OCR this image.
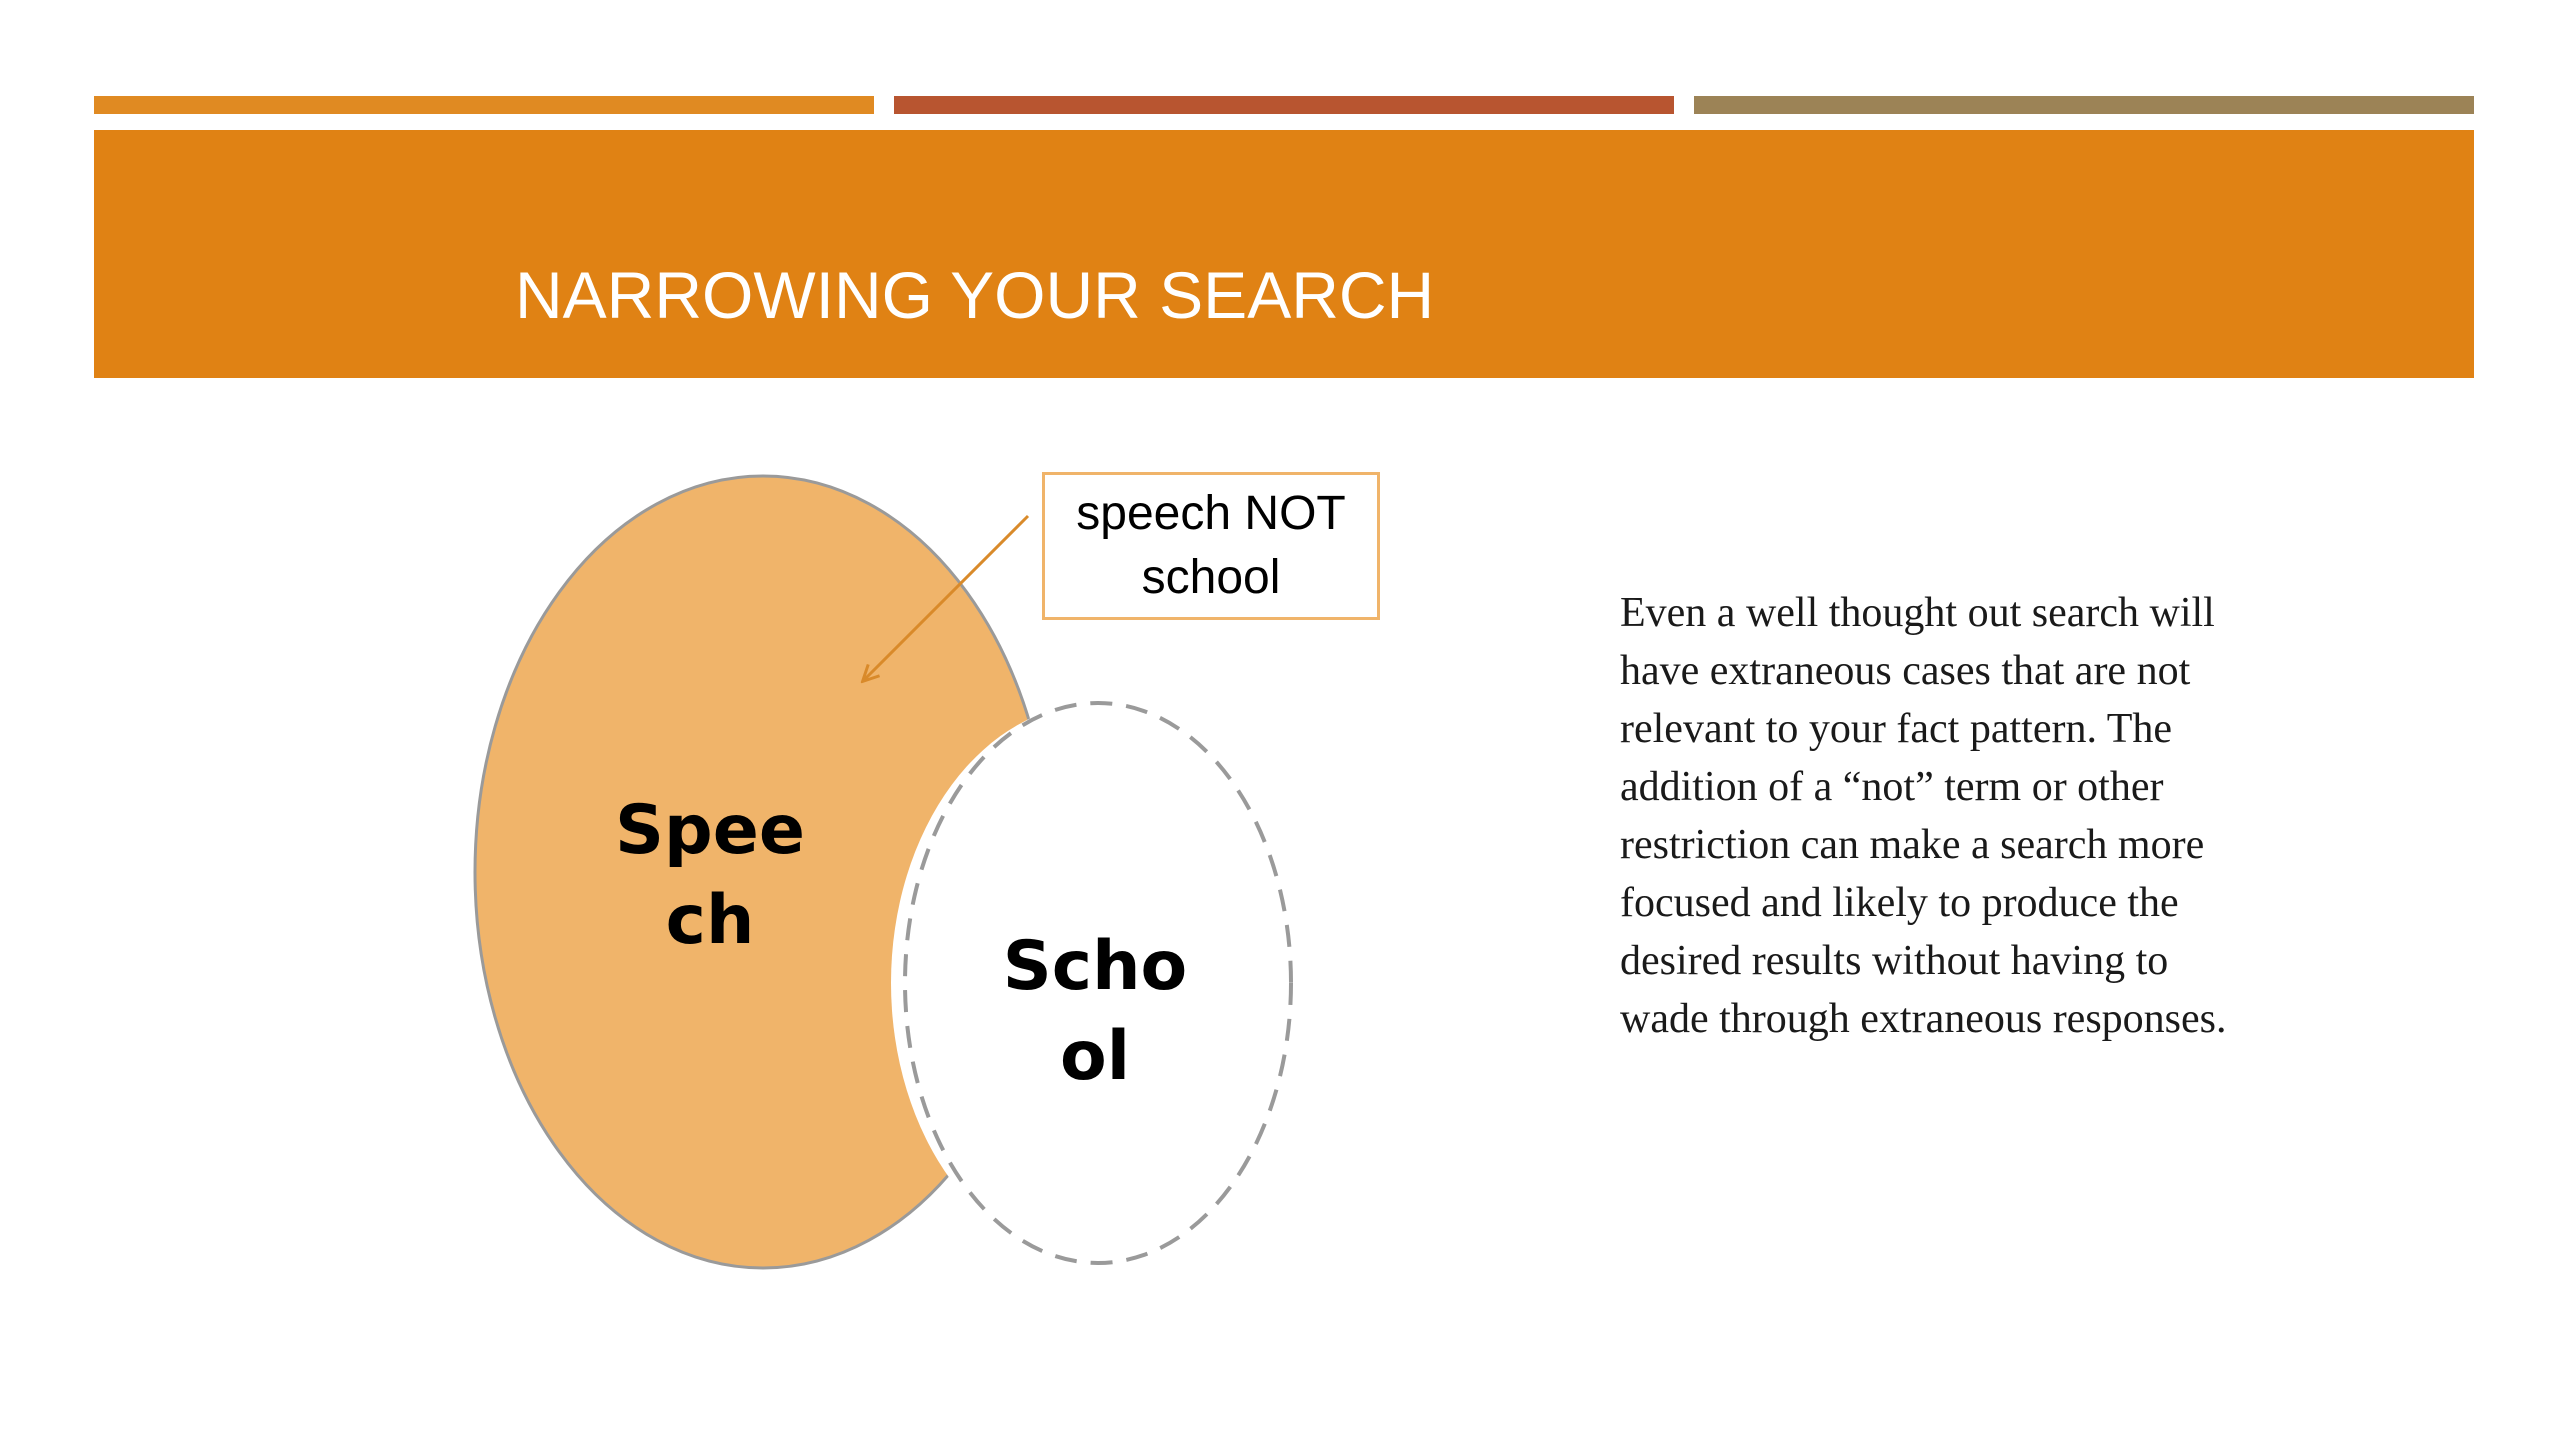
NARROWING YOUR SEARCH
Spee
ch
Scho
ol
speech NOT
school

Even a well thought out search will have extraneous cases that are not relevant to your fact pattern. The addition of a “not” term or other restriction can make a search more focused and likely to produce the desired results without having to wade through extraneous responses.
